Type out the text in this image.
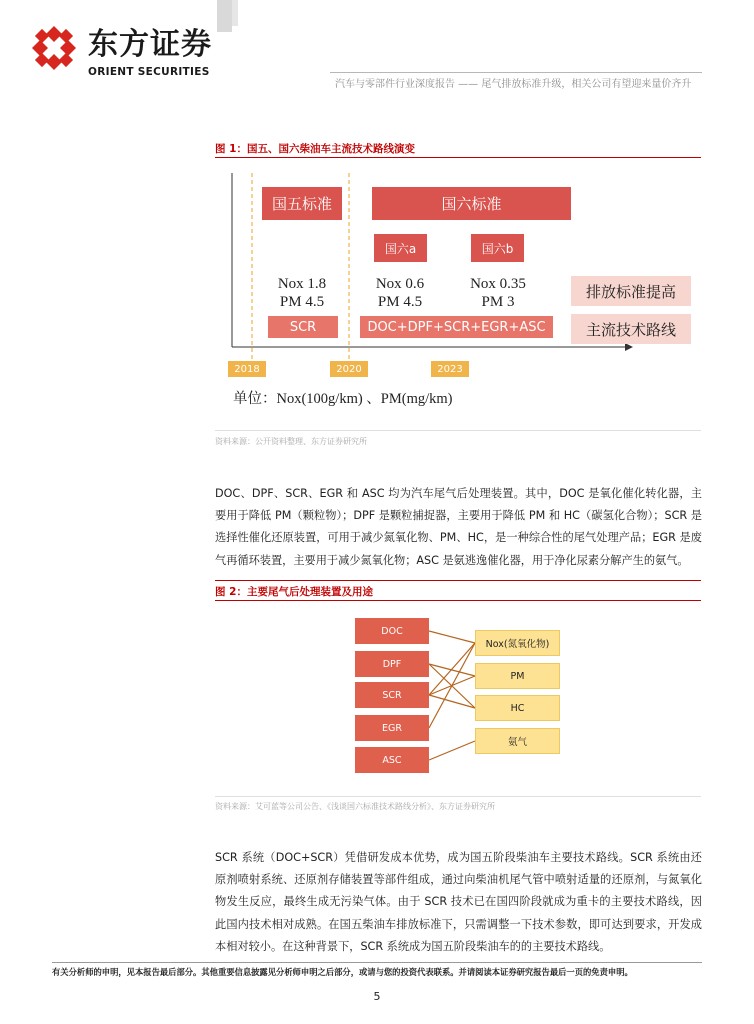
东方证券
ORIENT SECURITIES
汽车与零部件行业深度报告 —— 尾气排放标准升级，相关公司有望迎来量价齐升
图 1：国五、国六柴油车主流技术路线演变
国五标准	国六标准
国六a	国六b
Nox 1.8
PM 4.5
Nox 0.6
PM 4.5
Nox 0.35
PM 3
SCR	DOC+DPF+SCR+EGR+ASC
排放标准提高
主流技术路线
2018	2020	2023
单位：Nox(100g/km) 、PM(mg/km)
资料来源：公开资料整理、东方证券研究所
DOC、DPF、SCR、EGR 和 ASC 均为汽车尾气后处理装置。其中，DOC 是氧化催化转化器，主要用于降低 PM（颗粒物）；DPF 是颗粒捕捉器，主要用于降低 PM 和 HC（碳氢化合物）；SCR 是选择性催化还原装置，可用于减少氮氧化物、PM、HC，是一种综合性的尾气处理产品；EGR 是废气再循环装置，主要用于减少氮氧化物；ASC 是氨逃逸催化器，用于净化尿素分解产生的氨气。
图 2：主要尾气后处理装置及用途
DOC
DPF
SCR
EGR
ASC
Nox(氮氧化物)
PM
HC
氨气
资料来源：艾可蓝等公司公告、《浅谈国六标准技术路线分析》、东方证券研究所
SCR 系统（DOC+SCR）凭借研发成本优势，成为国五阶段柴油车主要技术路线。SCR 系统由还原剂喷射系统、还原剂存储装置等部件组成，通过向柴油机尾气管中喷射适量的还原剂，与氮氧化物发生反应，最终生成无污染气体。由于 SCR 技术已在国四阶段就成为重卡的主要技术路线，因此国内技术相对成熟。在国五柴油车排放标准下，只需调整一下技术参数，即可达到要求，开发成本相对较小。在这种背景下，SCR 系统成为国五阶段柴油车的的主要技术路线。
有关分析师的申明，见本报告最后部分。其他重要信息披露见分析师申明之后部分，或请与您的投资代表联系。并请阅读本证券研究报告最后一页的免责申明。
5
